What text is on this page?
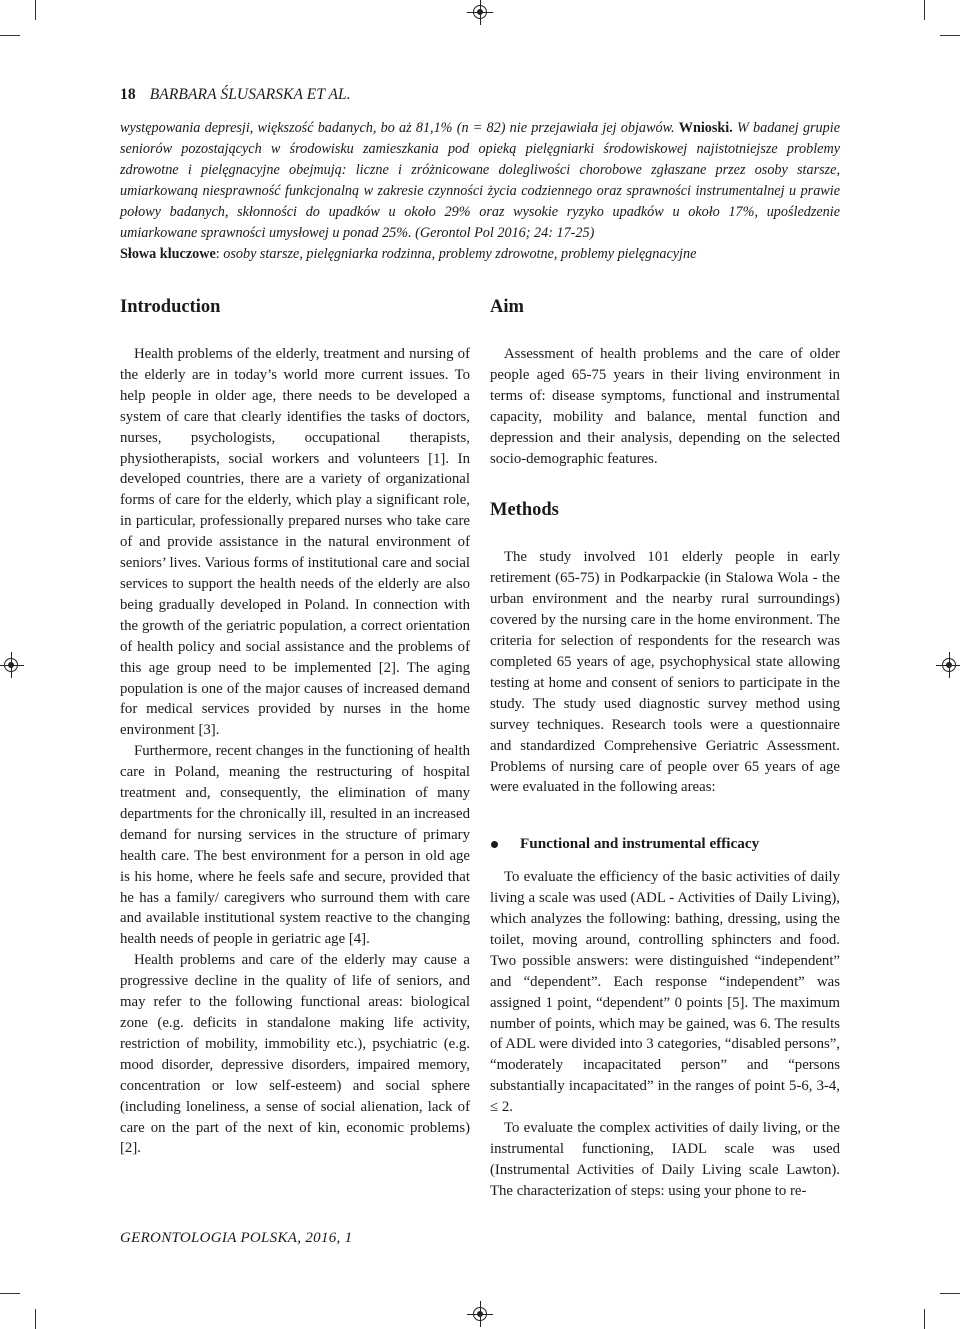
18 BARBARA ŚLUSARSKA ET AL.
występowania depresji, większość badanych, bo aż 81,1% (n = 82) nie przejawiała jej objawów. Wnioski. W badanej grupie seniorów pozostających w środowisku zamieszkania pod opieką pielęgniarki środowiskowej najistotniejsze problemy zdrowotne i pielęgnacyjne obejmują: liczne i zróżnicowane dolegliwości chorobowe zgłaszane przez osoby starsze, umiarkowaną niesprawność funkcjonalną w zakresie czynności życia codziennego oraz sprawności instrumentalnej u prawie połowy badanych, skłonności do upadków u około 29% oraz wysokie ryzyko upadków u około 17%, upośledzenie umiarkowane sprawności umysłowej u ponad 25%. (Gerontol Pol 2016; 24: 17-25)
Słowa kluczowe: osoby starsze, pielęgniarka rodzinna, problemy zdrowotne, problemy pielęgnacyjne
Introduction

Health problems of the elderly, treatment and nursing of the elderly are in today’s world more current issues. To help people in older age, there needs to be developed a system of care that clearly identifies the tasks of doctors, nurses, psychologists, occupational therapists, physiotherapists, social workers and volunteers [1]. In developed countries, there are a variety of organizational forms of care for the elderly, which play a significant role, in particular, professionally prepared nurses who take care of and provide assistance in the natural environment of seniors’ lives. Various forms of institutional care and social services to support the health needs of the elderly are also being gradually developed in Poland. In connection with the growth of the geriatric population, a correct orientation of health policy and social assistance and the problems of this age group need to be implemented [2]. The aging population is one of the major causes of increased demand for medical services provided by nurses in the home environment [3].

Furthermore, recent changes in the functioning of health care in Poland, meaning the restructuring of hospital treatment and, consequently, the elimination of many departments for the chronically ill, resulted in an increased demand for nursing services in the structure of primary health care. The best environment for a person in old age is his home, where he feels safe and secure, provided that he has a family/ caregivers who surround them with care and available institutional system reactive to the changing health needs of people in geriatric age [4].

Health problems and care of the elderly may cause a progressive decline in the quality of life of seniors, and may refer to the following functional areas: biological zone (e.g. deficits in standalone making life activity, restriction of mobility, immobility etc.), psychiatric (e.g. mood disorder, depressive disorders, impaired memory, concentration or low self-esteem) and social sphere (including loneliness, a sense of social alienation, lack of care on the part of the next of kin, economic problems) [2].

Aim

Assessment of health problems and the care of older people aged 65-75 years in their living environment in terms of: disease symptoms, functional and instrumental capacity, mobility and balance, mental function and depression and their analysis, depending on the selected socio-demographic features.

Methods

The study involved 101 elderly people in early retirement (65-75) in Podkarpackie (in Stalowa Wola - the urban environment and the nearby rural surroundings) covered by the nursing care in the home environment. The criteria for selection of respondents for the research was completed 65 years of age, psychophysical state allowing testing at home and consent of seniors to participate in the study. The study used diagnostic survey method using survey techniques. Research tools were a questionnaire and standardized Comprehensive Geriatric Assessment. Problems of nursing care of people over 65 years of age were evaluated in the following areas:

Functional and instrumental efficacy

To evaluate the efficiency of the basic activities of daily living a scale was used (ADL - Activities of Daily Living), which analyzes the following: bathing, dressing, using the toilet, moving around, controlling sphincters and food. Two possible answers: were distinguished “independent” and “dependent”. Each response “independent” was assigned 1 point, “dependent” 0 points [5]. The maximum number of points, which may be gained, was 6. The results of ADL were divided into 3 categories, “disabled persons”, “moderately incapacitated person” and “persons substantially incapacitated” in the ranges of point 5-6, 3-4, ≤ 2.

To evaluate the complex activities of daily living, or the instrumental functioning, IADL scale was used (Instrumental Activities of Daily Living scale Lawton). The characterization of steps: using your phone to re-

GERONTOLOGIA POLSKA, 2016, 1
